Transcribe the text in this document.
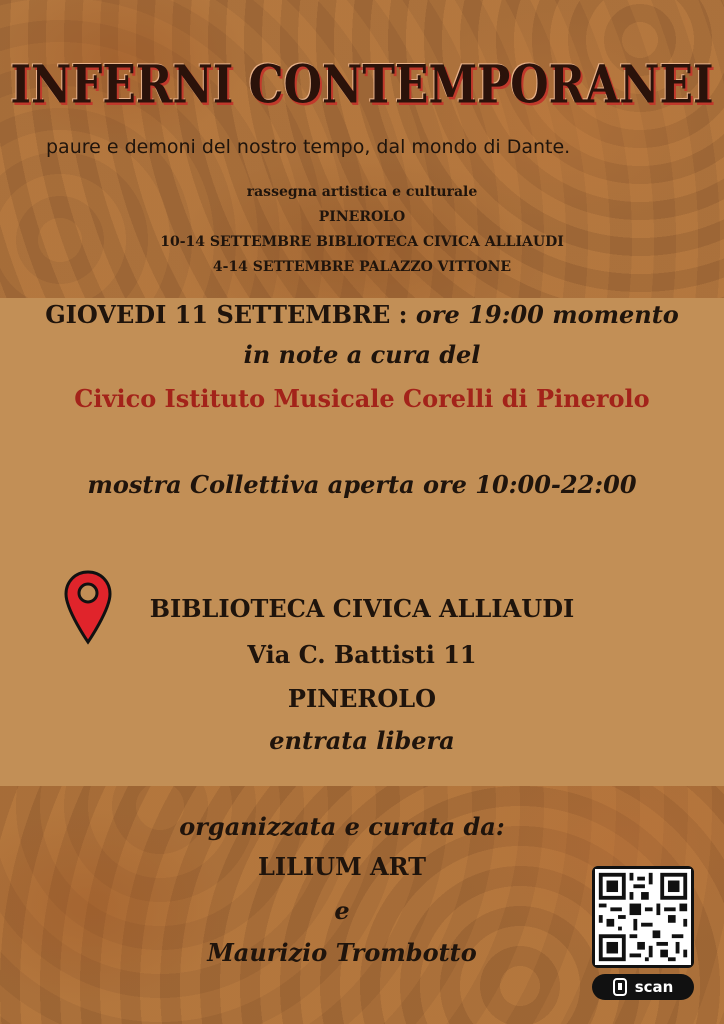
INFERNI CONTEMPORANEI
paure e demoni del nostro tempo, dal mondo di Dante.
rassegna artistica e culturale
PINEROLO
10-14 SETTEMBRE BIBLIOTECA CIVICA ALLIAUDI
4-14 SETTEMBRE PALAZZO VITTONE
GIOVEDI 11 SETTEMBRE : ore 19:00 momento
in note a cura del
Civico Istituto Musicale Corelli di Pinerolo
mostra Collettiva aperta ore 10:00-22:00
BIBLIOTECA CIVICA ALLIAUDI
Via C. Battisti 11
PINEROLO
entrata libera
organizzata e curata da:
LILIUM ART
e
Maurizio Trombotto
scan
